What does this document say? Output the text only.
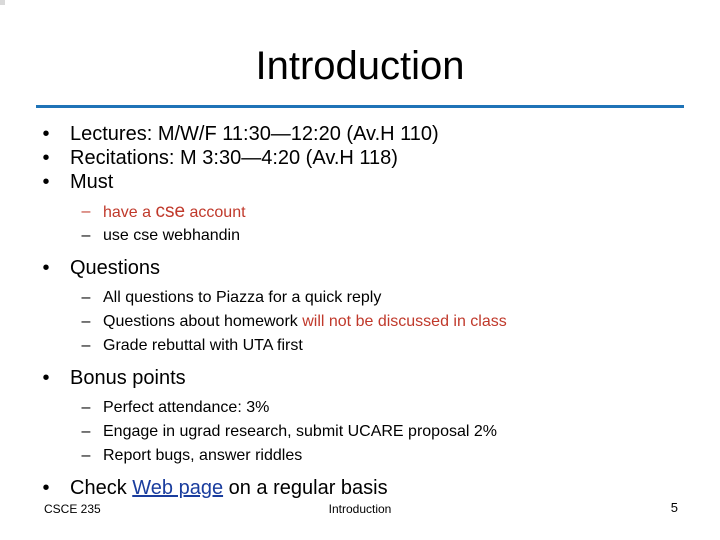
Introduction
•	Lectures: M/W/F 11:30—12:20 (Av.H 110)
•	Recitations: M 3:30—4:20 (Av.H 118)
•	Must
– have a cse account
– use cse webhandin
•	Questions
– All questions to Piazza for a quick reply
– Questions about homework will not be discussed in class
– Grade rebuttal with UTA first
•	Bonus points
– Perfect attendance: 3%
– Engage in ugrad research, submit UCARE proposal 2%
– Report bugs, answer riddles
•	Check Web page on a regular basis
CSCE 235	Introduction	5
